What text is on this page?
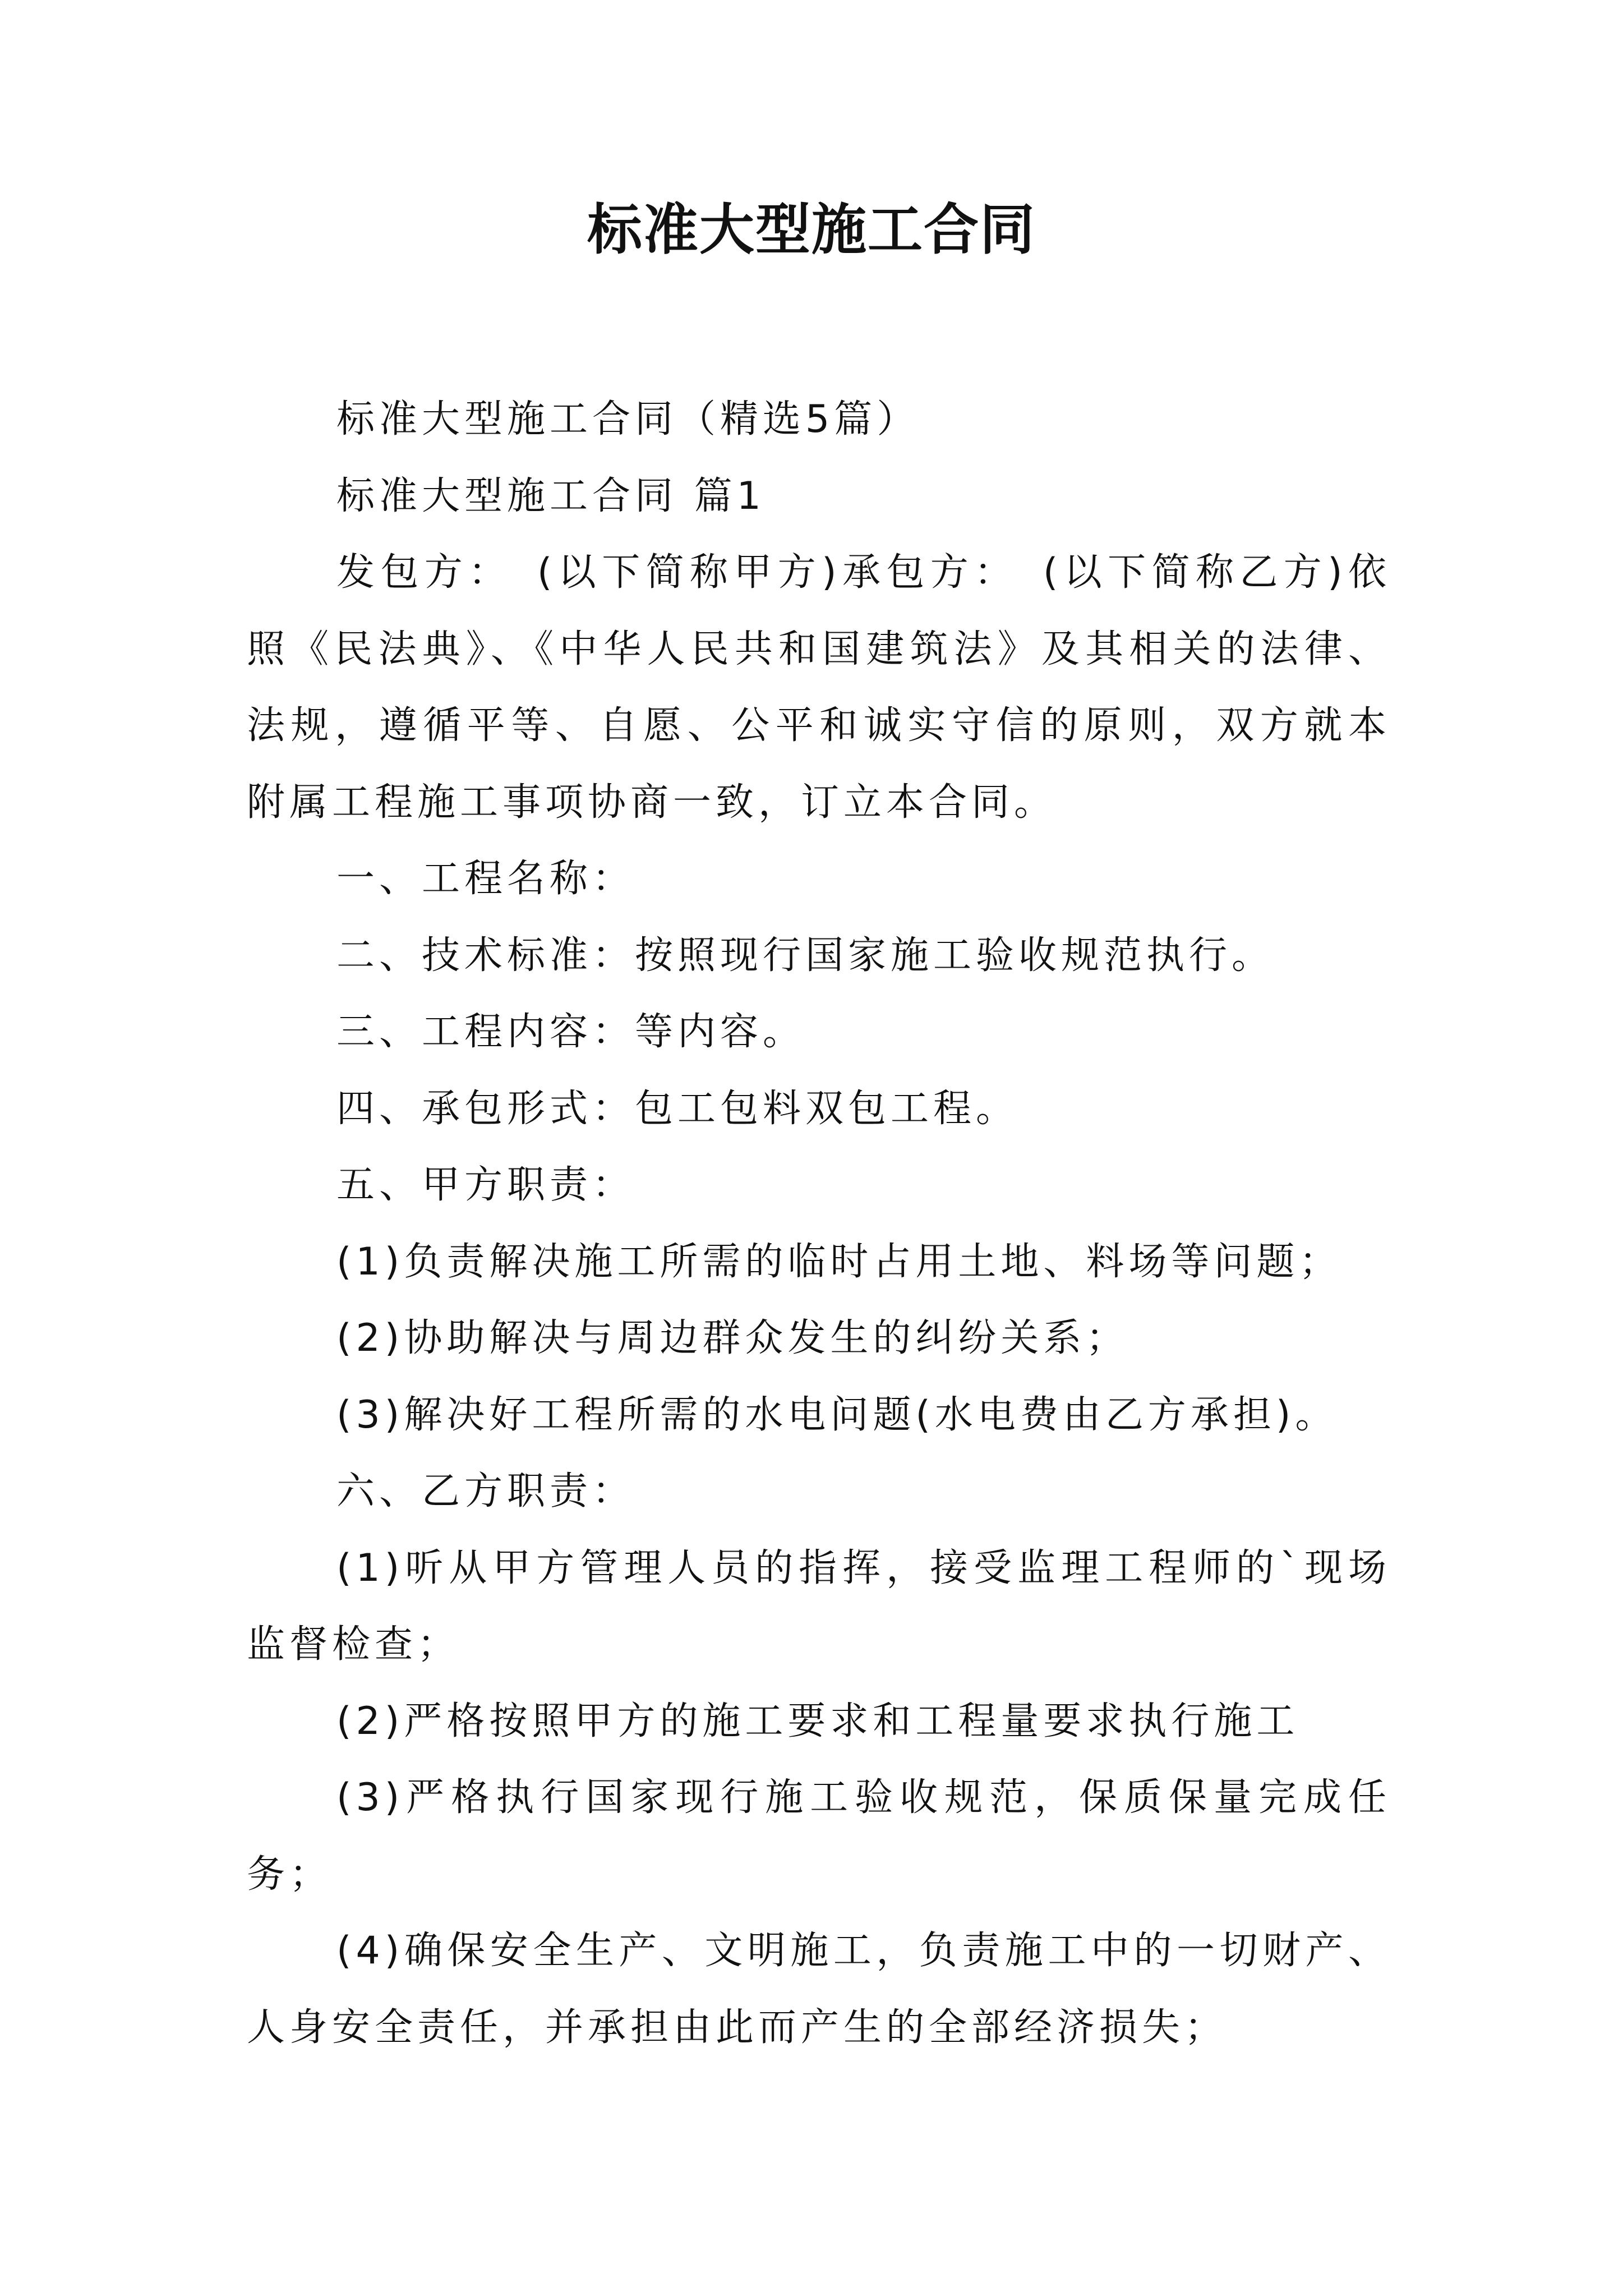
标准大型施工合同

标准大型施工合同（精选5篇）

标准大型施工合同 篇1

发包方：　(以下简称甲方)承包方：　(以下简称乙方)依照《民法典》、《中华人民共和国建筑法》及其相关的法律、法规，遵循平等、自愿、公平和诚实守信的原则，双方就本附属工程施工事项协商一致，订立本合同。

一、工程名称：

二、技术标准：按照现行国家施工验收规范执行。

三、工程内容：等内容。

四、承包形式：包工包料双包工程。

五、甲方职责：

(1)负责解决施工所需的临时占用土地、料场等问题；

(2)协助解决与周边群众发生的纠纷关系；

(3)解决好工程所需的水电问题(水电费由乙方承担)。

六、乙方职责：

(1)听从甲方管理人员的指挥，接受监理工程师的`现场监督检查；

(2)严格按照甲方的施工要求和工程量要求执行施工

(3)严格执行国家现行施工验收规范，保质保量完成任务；

(4)确保安全生产、文明施工，负责施工中的一切财产、人身安全责任，并承担由此而产生的全部经济损失；
